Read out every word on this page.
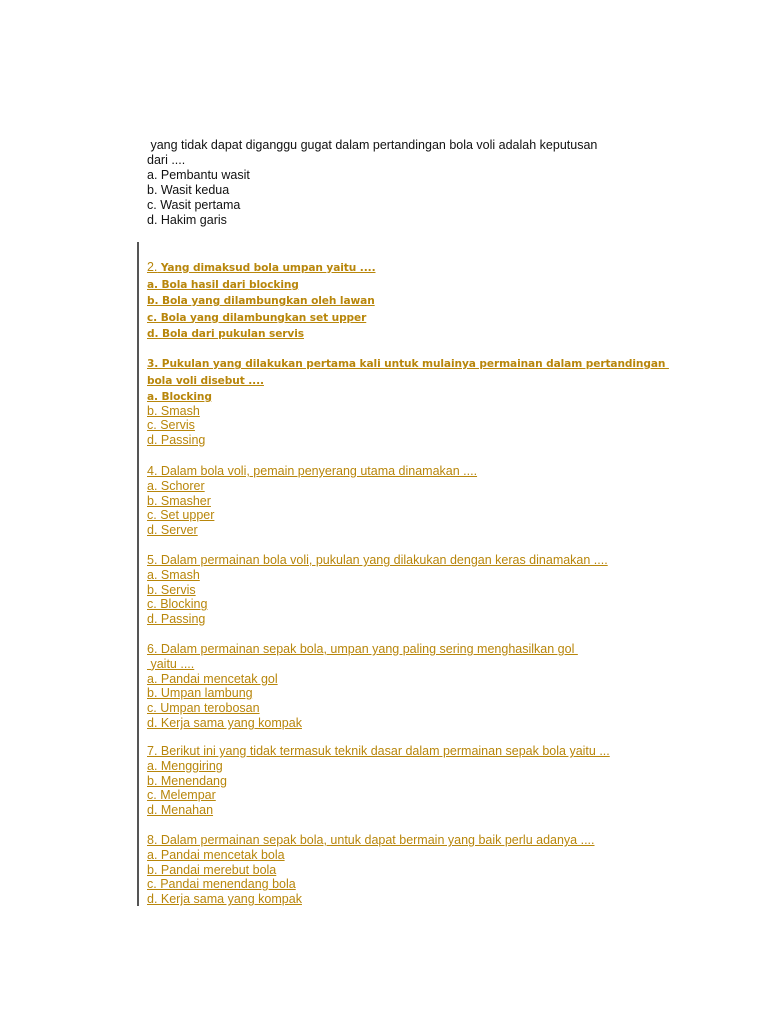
yang tidak dapat diganggu gugat dalam pertandingan bola voli adalah keputusan
dari ....
a. Pembantu wasit
b. Wasit kedua
c. Wasit pertama
d. Hakim garis
2. Yang dimaksud bola umpan yaitu ....
a. Bola hasil dari blocking
b. Bola yang dilambungkan oleh lawan
c. Bola yang dilambungkan set upper
d. Bola dari pukulan servis
3. Pukulan yang dilakukan pertama kali untuk mulainya permainan dalam pertandingan
bola voli disebut ....
a. Blocking
b. Smash
c. Servis
d. Passing
4. Dalam bola voli, pemain penyerang utama dinamakan ....
a. Schorer
b. Smasher
c. Set upper
d. Server
5. Dalam permainan bola voli, pukulan yang dilakukan dengan keras dinamakan ....
a. Smash
b. Servis
c. Blocking
d. Passing
6. Dalam permainan sepak bola, umpan yang paling sering menghasilkan gol
yaitu ....
a. Pandai mencetak gol
b. Umpan lambung
c. Umpan terobosan
d. Kerja sama yang kompak
7. Berikut ini yang tidak termasuk teknik dasar dalam permainan sepak bola yaitu ...
a. Menggiring
b. Menendang
c. Melempar
d. Menahan
8. Dalam permainan sepak bola, untuk dapat bermain yang baik perlu adanya ....
a. Pandai mencetak bola
b. Pandai merebut bola
c. Pandai menendang bola
d. Kerja sama yang kompak
